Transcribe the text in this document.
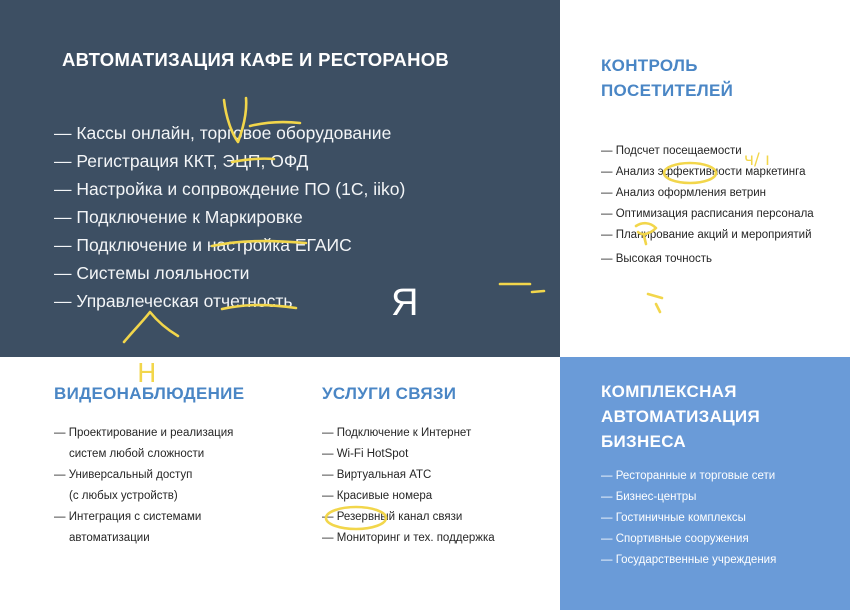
АВТОМАТИЗАЦИЯ КАФЕ И РЕСТОРАНОВ
— Кассы онлайн, торговое оборудование
— Регистрация ККТ, ЭЦП, ОФД
— Настройка и сопрвождение ПО (1С, iiko)
— Подключение к Маркировке
— Подключение и настройка ЕГАИС
— Системы лояльности
— Управлеческая отчетность	Я
КОНТРОЛЬ
ПОСЕТИТЕЛЕЙ
— Подсчет посещаемости
— Анализ эффективности маркетинга
— Анализ оформления ветрин
— Оптимизация расписания персонала
— Планирование акций и мероприятий
— Высокая точность
ВИДЕОНАБЛЮДЕНИЕ
— Проектирование и реализация
систем любой сложности
— Универсальный доступ
(с любых устройств)
— Интеграция с системами
автоматизации
УСЛУГИ СВЯЗИ
— Подключение к Интернет
— Wi-Fi HotSpot
— Виртуальная АТС
— Красивые номера
— Резервный канал связи
— Мониторинг и тех. поддержка
КОМПЛЕКСНАЯ
АВТОМАТИЗАЦИЯ
БИЗНЕСА
— Ресторанные и торговые сети
— Бизнес-центры
— Гостиничные комплексы
— Спортивные сооружения
— Государственные учреждения
Н
ч/ ı
